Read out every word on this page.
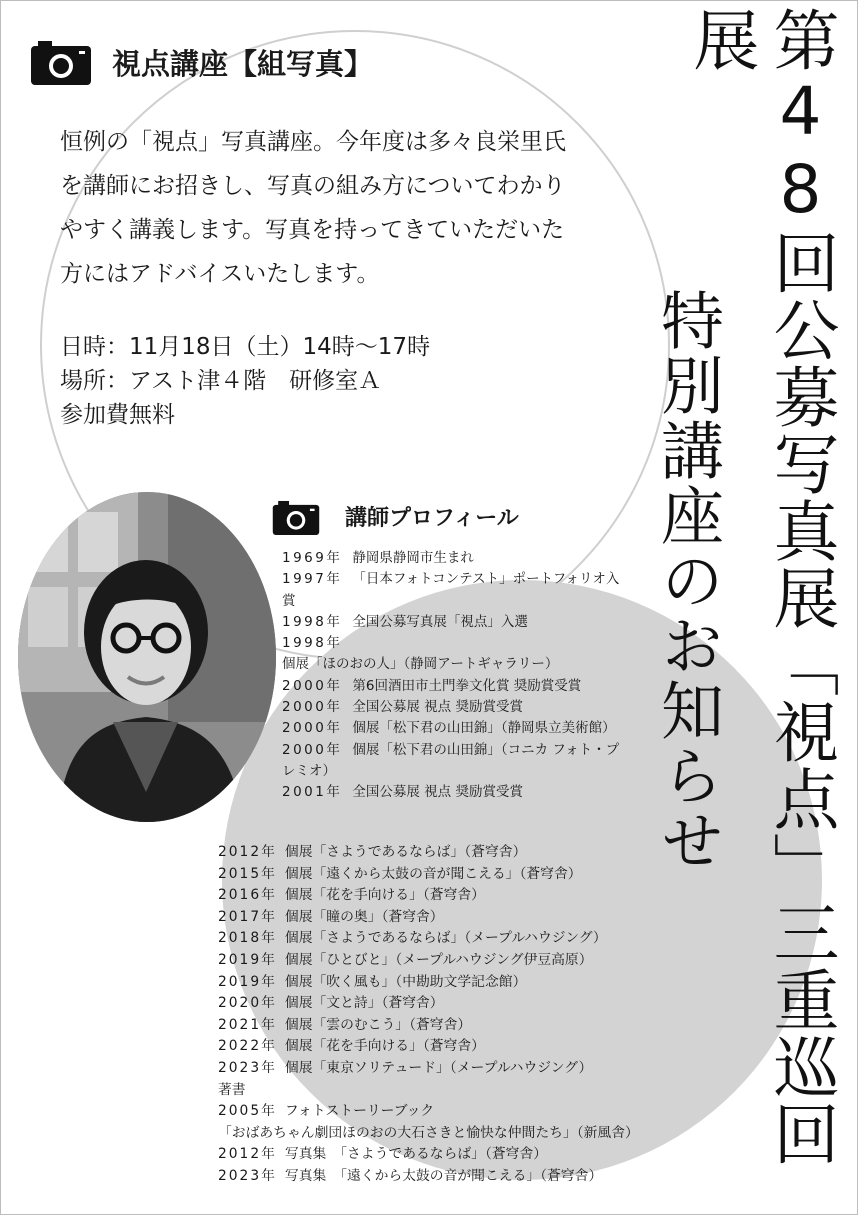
第48回公募写真展「視点」三重巡回展
特別講座のお知らせ
視点講座【組写真】

恒例の「視点」写真講座。今年度は多々良栄里氏
を講師にお招きし、写真の組み方についてわかり
やすく講義します。写真を持ってきていただいた
方にはアドバイスいたします。

日時：11月18日（土）14時～17時
場所：アスト津４階　研修室Ａ
参加費無料
講師プロフィール
1969年 静岡県静岡市生まれ
1997年 「日本フォトコンテスト」ポートフォリオ入賞
1998年 全国公募写真展「視点」入選
1998年個展「ほのおの人」（静岡アートギャラリー）
2000年 第6回酒田市土門拳文化賞 奨励賞受賞
2000年 全国公募展 視点 奨励賞受賞
2000年 個展「松下君の山田錦」（静岡県立美術館）
2000年 個展「松下君の山田錦」（コニカ フォト・プレミオ）
2001年 全国公募展 視点 奨励賞受賞
2012年 個展「さようであるならば」（蒼穹舎）
2015年 個展「遠くから太鼓の音が聞こえる」（蒼穹舎）
2016年 個展「花を手向ける」（蒼穹舎）
2017年 個展「瞳の奥」（蒼穹舎）
2018年 個展「さようであるならば」（メープルハウジング）
2019年 個展「ひとびと」（メープルハウジング伊豆高原）
2019年 個展「吹く風も」（中勘助文学記念館）
2020年 個展「文と詩」（蒼穹舎）
2021年 個展「雲のむこう」（蒼穹舎）
2022年 個展「花を手向ける」（蒼穹舎）
2023年 個展「東京ソリテュード」（メープルハウジング）
著書
2005年 フォトストーリーブック
「おばあちゃん劇団ほのおの大石さきと愉快な仲間たち」（新風舎）
2012年 写真集　「さようであるならば」（蒼穹舎）
2023年 写真集　「遠くから太鼓の音が聞こえる」（蒼穹舎）
